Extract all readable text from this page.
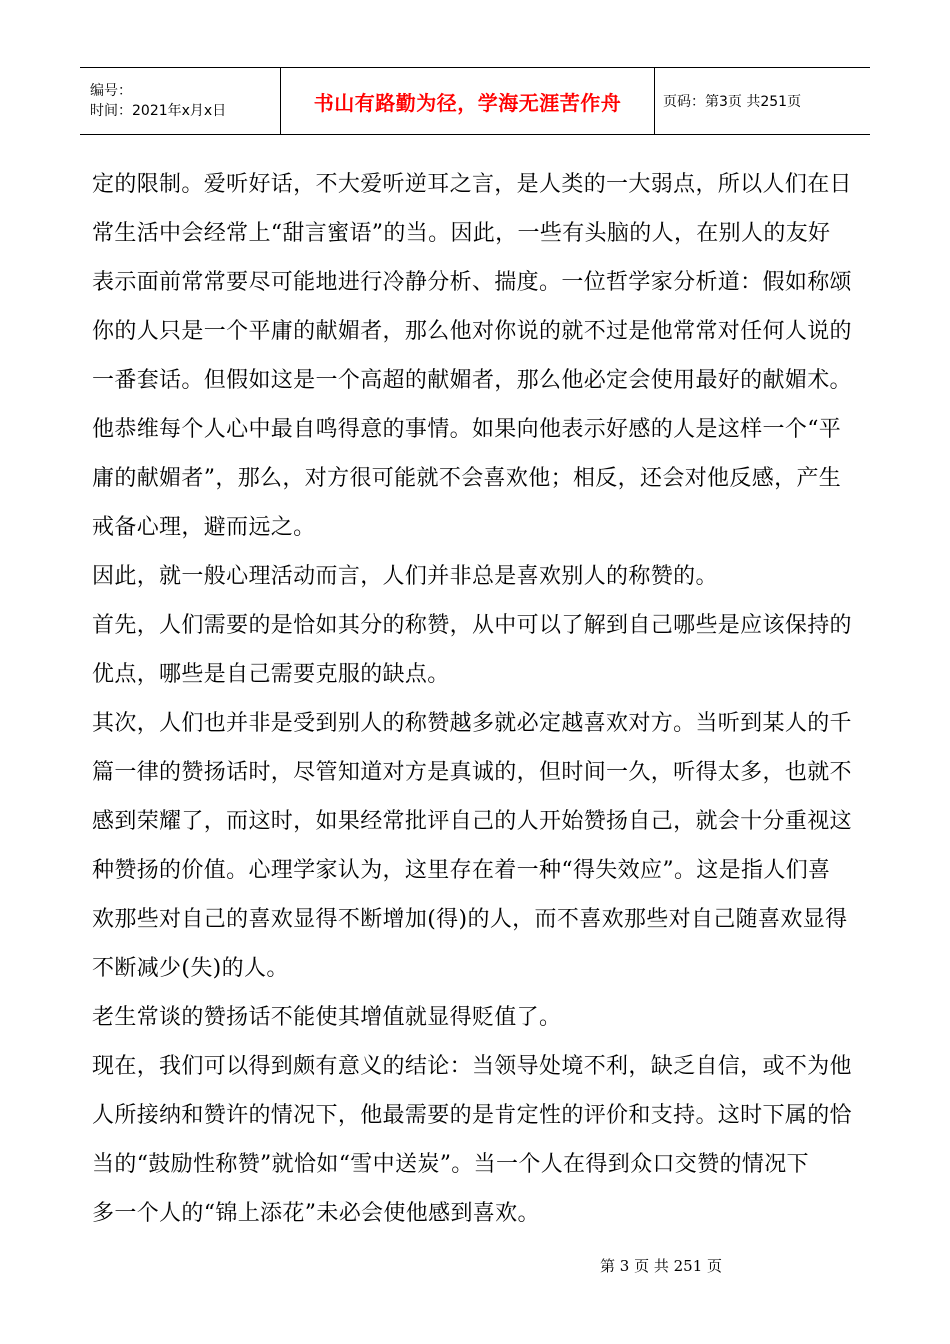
编号：
时间：2021年x月x日	书山有路勤为径，学海无涯苦作舟	页码：第3页 共251页
定的限制。爱听好话，不大爱听逆耳之言，是人类的一大弱点，所以人们在日
常生活中会经常上“甜言蜜语”的当。因此，一些有头脑的人，在别人的友好
表示面前常常要尽可能地进行冷静分析、揣度。一位哲学家分析道：假如称颂
你的人只是一个平庸的献媚者，那么他对你说的就不过是他常常对任何人说的
一番套话。但假如这是一个高超的献媚者，那么他必定会使用最好的献媚术。
他恭维每个人心中最自鸣得意的事情。如果向他表示好感的人是这样一个“平
庸的献媚者”，那么，对方很可能就不会喜欢他；相反，还会对他反感，产生
戒备心理，避而远之。
因此，就一般心理活动而言，人们并非总是喜欢别人的称赞的。
首先，人们需要的是恰如其分的称赞，从中可以了解到自己哪些是应该保持的
优点，哪些是自己需要克服的缺点。
其次，人们也并非是受到别人的称赞越多就必定越喜欢对方。当听到某人的千
篇一律的赞扬话时，尽管知道对方是真诚的，但时间一久，听得太多，也就不
感到荣耀了，而这时，如果经常批评自己的人开始赞扬自己，就会十分重视这
种赞扬的价值。心理学家认为，这里存在着一种“得失效应”。这是指人们喜
欢那些对自己的喜欢显得不断增加(得)的人，而不喜欢那些对自己随喜欢显得
不断减少(失)的人。
老生常谈的赞扬话不能使其增值就显得贬值了。
现在，我们可以得到颇有意义的结论：当领导处境不利，缺乏自信，或不为他
人所接纳和赞许的情况下，他最需要的是肯定性的评价和支持。这时下属的恰
当的“鼓励性称赞”就恰如“雪中送炭”。当一个人在得到众口交赞的情况下
多一个人的“锦上添花”未必会使他感到喜欢。
第 3 页 共 251 页
